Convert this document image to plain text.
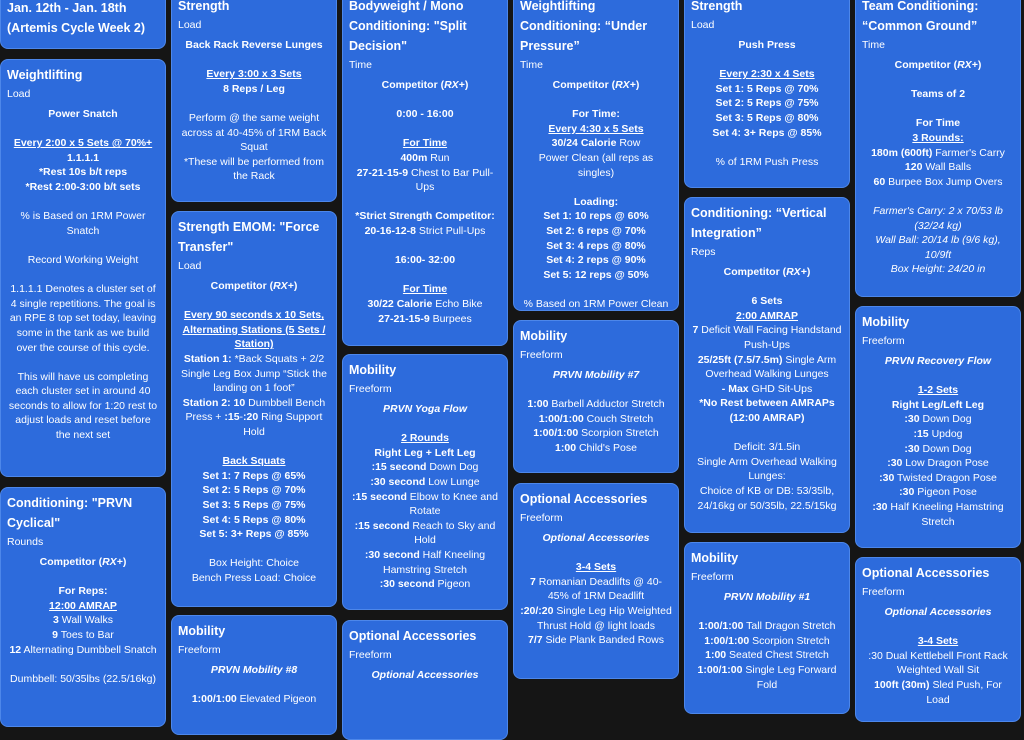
Jan. 12th - Jan. 18th
(Artemis Cycle Week 2)
Weightlifting
Load
Power Snatch
Every 2:00 x 5 Sets @ 70%+
1.1.1.1
*Rest 10s b/t reps
*Rest 2:00-3:00 b/t sets
% is Based on 1RM Power Snatch
Record Working Weight
1.1.1.1 Denotes a cluster set of 4 single repetitions. The goal is an RPE 8 top set today, leaving some in the tank as we build over the course of this cycle.
This will have us completing each cluster set in around 40 seconds to allow for 1:20 rest to adjust loads and reset before the next set
Conditioning: "PRVN Cyclical"
Rounds
Competitor (RX+)
For Reps:
12:00 AMRAP
3 Wall Walks
9 Toes to Bar
12 Alternating Dumbbell Snatch
Dumbbell: 50/35lbs (22.5/16kg)
Strength
Load
Back Rack Reverse Lunges
Every 3:00 x 3 Sets
8 Reps / Leg
Perform @ the same weight across at 40-45% of 1RM Back Squat
*These will be performed from the Rack
Strength EMOM: "Force Transfer"
Load
Competitor (RX+)
Every 90 seconds x 10 Sets, Alternating Stations (5 Sets / Station)
Station 1: *Back Squats + 2/2 Single Leg Box Jump “Stick the landing on 1 foot”
Station 2: 10 Dumbbell Bench Press + :15-:20 Ring Support Hold
Back Squats
Set 1: 7 Reps @ 65%
Set 2: 5 Reps @ 70%
Set 3: 5 Reps @ 75%
Set 4: 5 Reps @ 80%
Set 5: 3+ Reps @ 85%
Box Height: Choice
Bench Press Load: Choice
Mobility
Freeform
PRVN Mobility #8
1:00/1:00 Elevated Pigeon
Bodyweight / Mono Conditioning: "Split Decision"
Time
Competitor (RX+)
0:00 - 16:00
For Time
400m Run
27-21-15-9 Chest to Bar Pull-Ups
*Strict Strength Competitor:
20-16-12-8 Strict Pull-Ups
16:00- 32:00
For Time
30/22 Calorie Echo Bike
27-21-15-9 Burpees
Mobility
Freeform
PRVN Yoga Flow
2 Rounds
Right Leg + Left Leg
:15 second Down Dog
:30 second Low Lunge
:15 second Elbow to Knee and Rotate
:15 second Reach to Sky and Hold
:30 second Half Kneeling Hamstring Stretch
:30 second Pigeon
Optional Accessories
Freeform
Optional Accessories
Weightlifting Conditioning: “Under Pressure”
Time
Competitor (RX+)
For Time:
Every 4:30 x 5 Sets
30/24 Calorie Row
Power Clean (all reps as singles)
Loading:
Set 1: 10 reps @ 60%
Set 2: 6 reps @ 70%
Set 3: 4 reps @ 80%
Set 4: 2 reps @ 90%
Set 5: 12 reps @ 50%
% Based on 1RM Power Clean
Mobility
Freeform
PRVN Mobility #7
1:00 Barbell Adductor Stretch
1:00/1:00 Couch Stretch
1:00/1:00 Scorpion Stretch
1:00 Child's Pose
Optional Accessories
Freeform
Optional Accessories
3-4 Sets
7 Romanian Deadlifts @ 40-45% of 1RM Deadlift
:20/:20 Single Leg Hip Weighted Thrust Hold @ light loads
7/7 Side Plank Banded Rows
Strength
Load
Push Press
Every 2:30 x 4 Sets
Set 1: 5 Reps @ 70%
Set 2: 5 Reps @ 75%
Set 3: 5 Reps @ 80%
Set 4: 3+ Reps @ 85%
% of 1RM Push Press
Conditioning: “Vertical Integration”
Reps
Competitor (RX+)
6 Sets
2:00 AMRAP
7 Deficit Wall Facing Handstand Push-Ups
25/25ft (7.5/7.5m) Single Arm Overhead Walking Lunges
- Max GHD Sit-Ups
*No Rest between AMRAPs (12:00 AMRAP)
Deficit: 3/1.5in
Single Arm Overhead Walking Lunges:
Choice of KB or DB: 53/35lb, 24/16kg or 50/35lb, 22.5/15kg
Mobility
Freeform
PRVN Mobility #1
1:00/1:00 Tall Dragon Stretch
1:00/1:00 Scorpion Stretch
1:00 Seated Chest Stretch
1:00/1:00 Single Leg Forward Fold
Team Conditioning: “Common Ground”
Time
Competitor (RX+)
Teams of 2
For Time
3 Rounds:
180m (600ft) Farmer's Carry
120 Wall Balls
60 Burpee Box Jump Overs
Farmer's Carry: 2 x 70/53 lb (32/24 kg)
Wall Ball: 20/14 lb (9/6 kg), 10/9ft
Box Height: 24/20 in
Mobility
Freeform
PRVN Recovery Flow
1-2 Sets
Right Leg/Left Leg
:30 Down Dog
:15 Updog
:30 Down Dog
:30 Low Dragon Pose
:30 Twisted Dragon Pose
:30 Pigeon Pose
:30 Half Kneeling Hamstring Stretch
Optional Accessories
Freeform
Optional Accessories
3-4 Sets
:30 Dual Kettlebell Front Rack Weighted Wall Sit
100ft (30m) Sled Push, For Load
